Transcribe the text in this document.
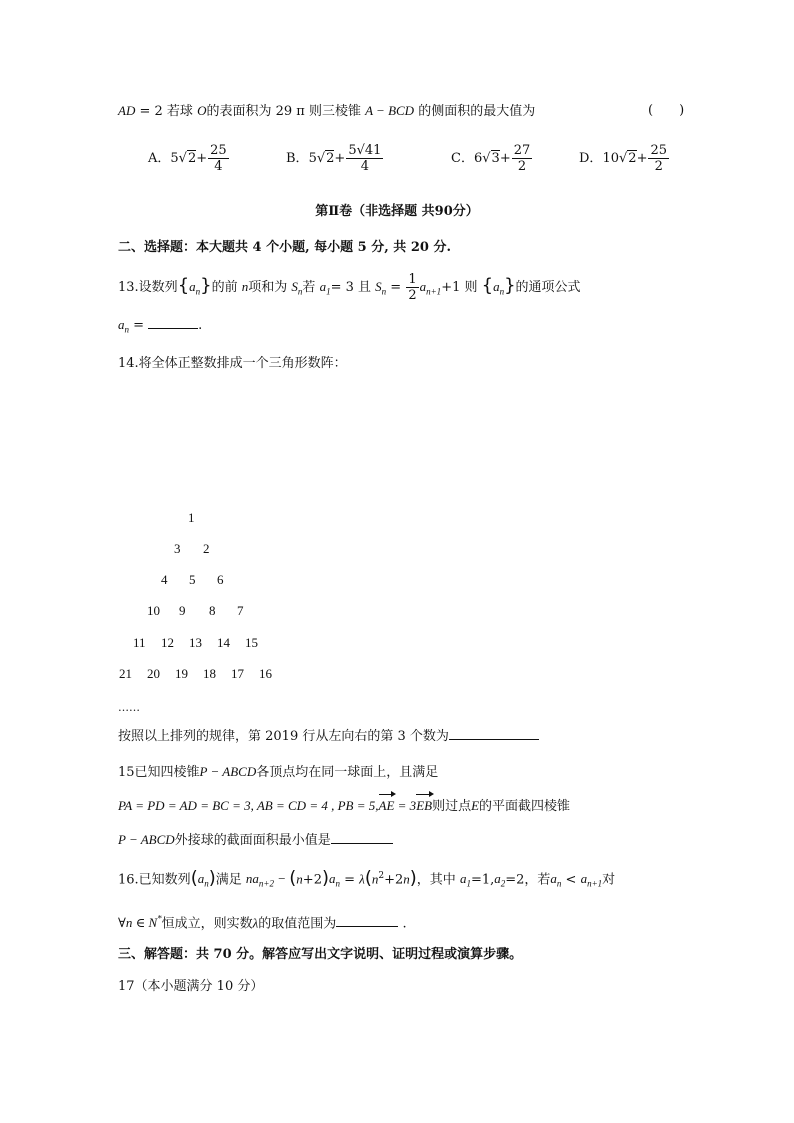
AD = 2 若球 O的表面积为 29 π 则三棱锥 A − BCD 的侧面积的最大值为	(　　)
A．$5√2+ \frac{25}{4}$	B．$5√2+ \frac{5√41}{4}$	C．$6√3+ \frac{27}{2}$	D．$10√2+ \frac{25}{2}$
第Ⅱ卷（非选择题 共90分）
二、选择题：本大题共 4 个小题, 每小题 5 分, 共 20 分.
13.设数列$\{a_n\}$的前 n项和为 $S_n$若 $a_1= 3$ 且 $S_n = \frac{1}{2} a_{n+1}+1$ 则 $\{a_n\}$的通项公式
$a_n$ =	.
14.将全体正整数排成一个三角形数阵：
1
3 2
4 5 6
10 9 8 7
11 12 13 14 15
21 20 19 18 17 16
……
按照以上排列的规律，第 2019 行从左向右的第 3 个数为
15已知四棱锥P − ABCD各顶点均在同一球面上，且满足
PA = PD = AD = BC = 3, AB = CD = 4 , PB = 5,AE = 3EB则过点E的平面截四棱锥
P − ABCD外接球的截面面积最小值是
16.已知数列$(a_n)$满足 $na_{n+2} - (n+2)a_n = \lambda(n^2+2n)$，其中 $a_1=1,a_2=2$，若$a_n < a_{n+1}$对
∀n ∈ N*恒成立，则实数λ的取值范围为	.
三、解答题：共 70 分。解答应写出文字说明、证明过程或演算步骤。
17（本小题满分 10 分）
